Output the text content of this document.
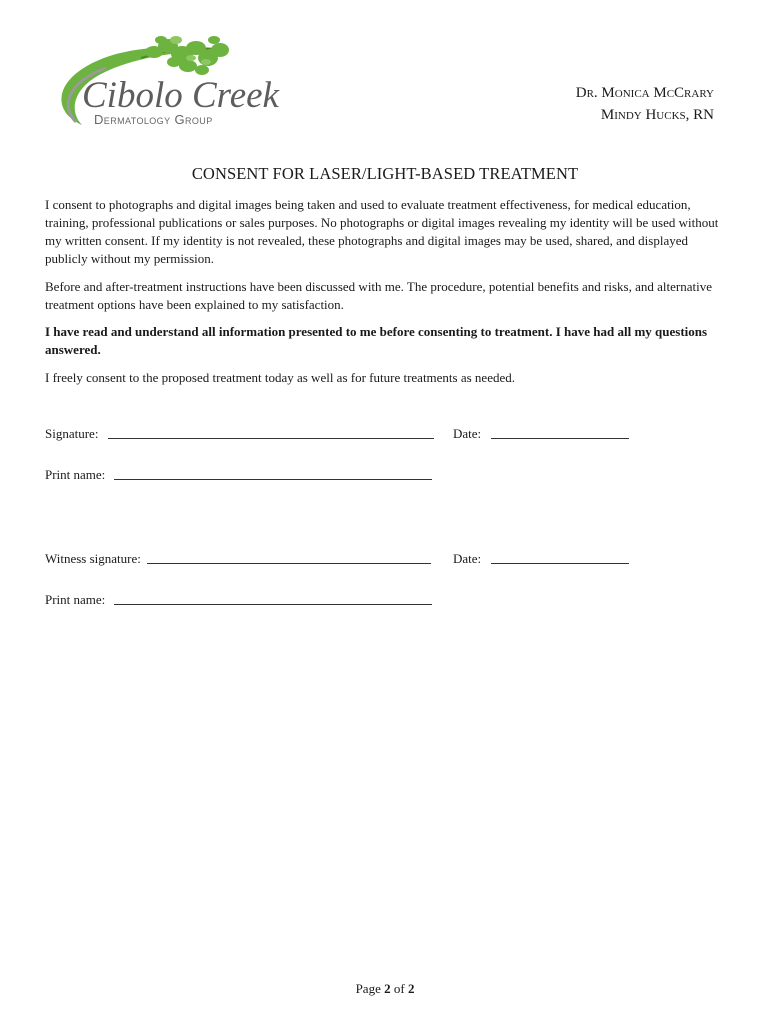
Cibolo Creek
Dermatology Group
Dr. Monica McCrary
Mindy Hucks, RN
CONSENT FOR LASER/LIGHT-BASED TREATMENT

I consent to photographs and digital images being taken and used to evaluate treatment effectiveness, for medical education, training, professional publications or sales purposes. No photographs or digital images revealing my identity will be used without my written consent. If my identity is not revealed, these photographs and digital images may be used, shared, and displayed publicly without my permission.

Before and after-treatment instructions have been discussed with me. The procedure, potential benefits and risks, and alternative treatment options have been explained to my satisfaction.

I have read and understand all information presented to me before consenting to treatment. I have had all my questions answered.

I freely consent to the proposed treatment today as well as for future treatments as needed.

Signature:	Date:
Print name:
Witness signature:	Date:
Print name:
Page 2 of 2
